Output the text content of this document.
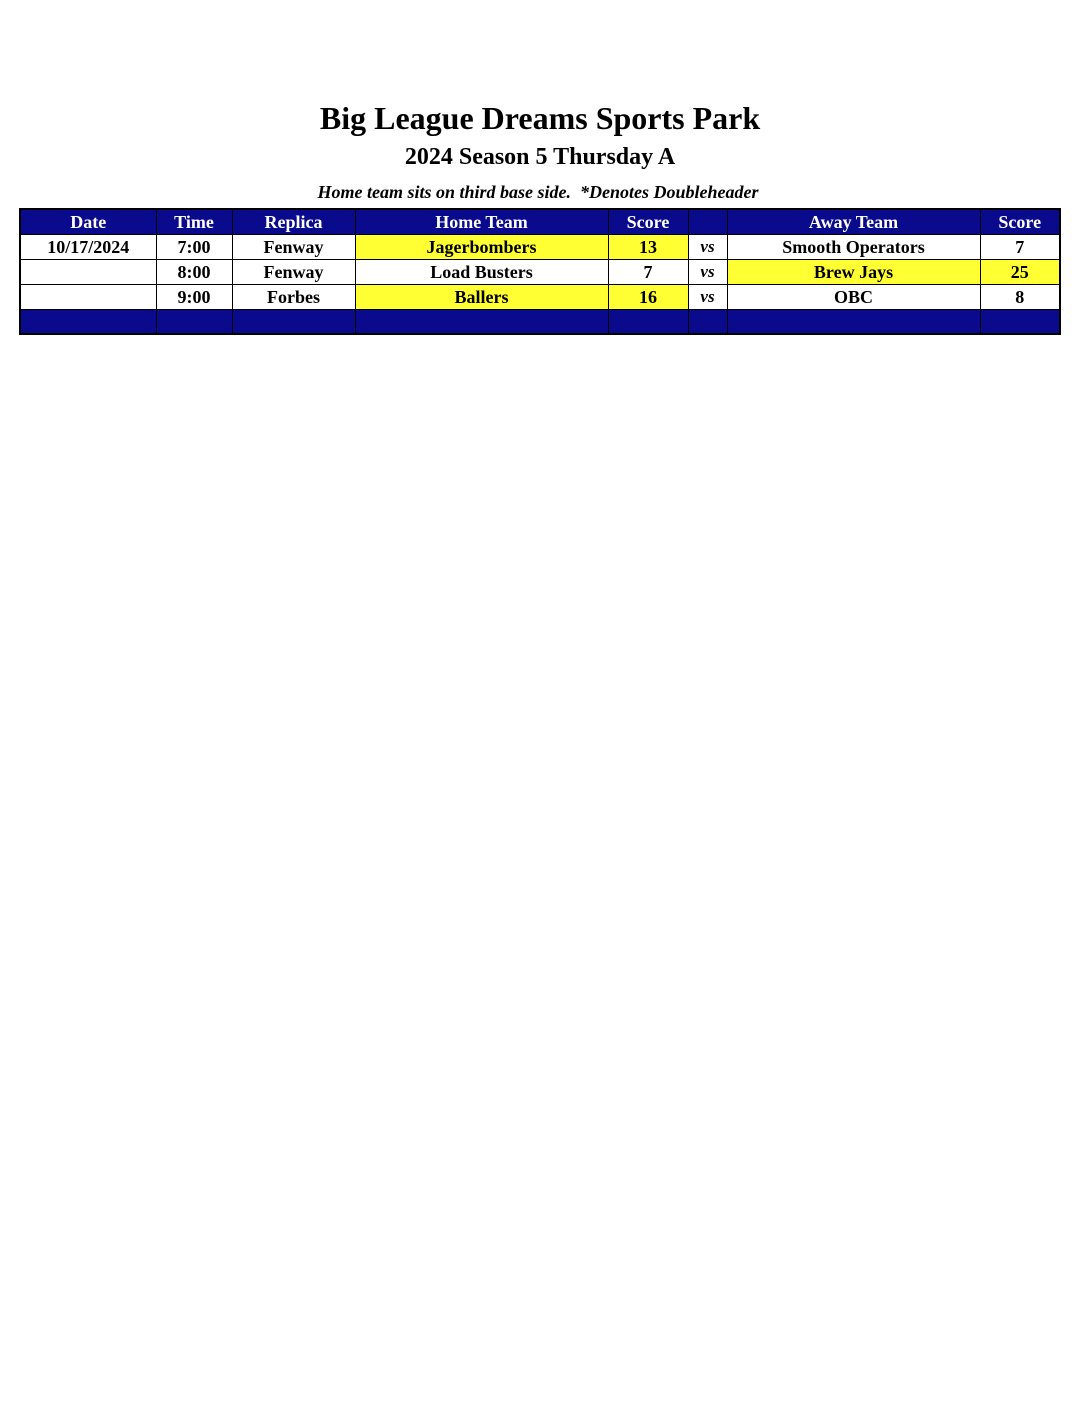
Big League Dreams Sports Park
2024 Season 5 Thursday A
Home team sits on third base side.  *Denotes Doubleheader
Date	Time	Replica	Home Team	Score		Away Team	Score
10/17/2024	7:00	Fenway	Jagerbombers	13	vs	Smooth Operators	7
	8:00	Fenway	Load Busters	7	vs	Brew Jays	25
	9:00	Forbes	Ballers	16	vs	OBC	8
